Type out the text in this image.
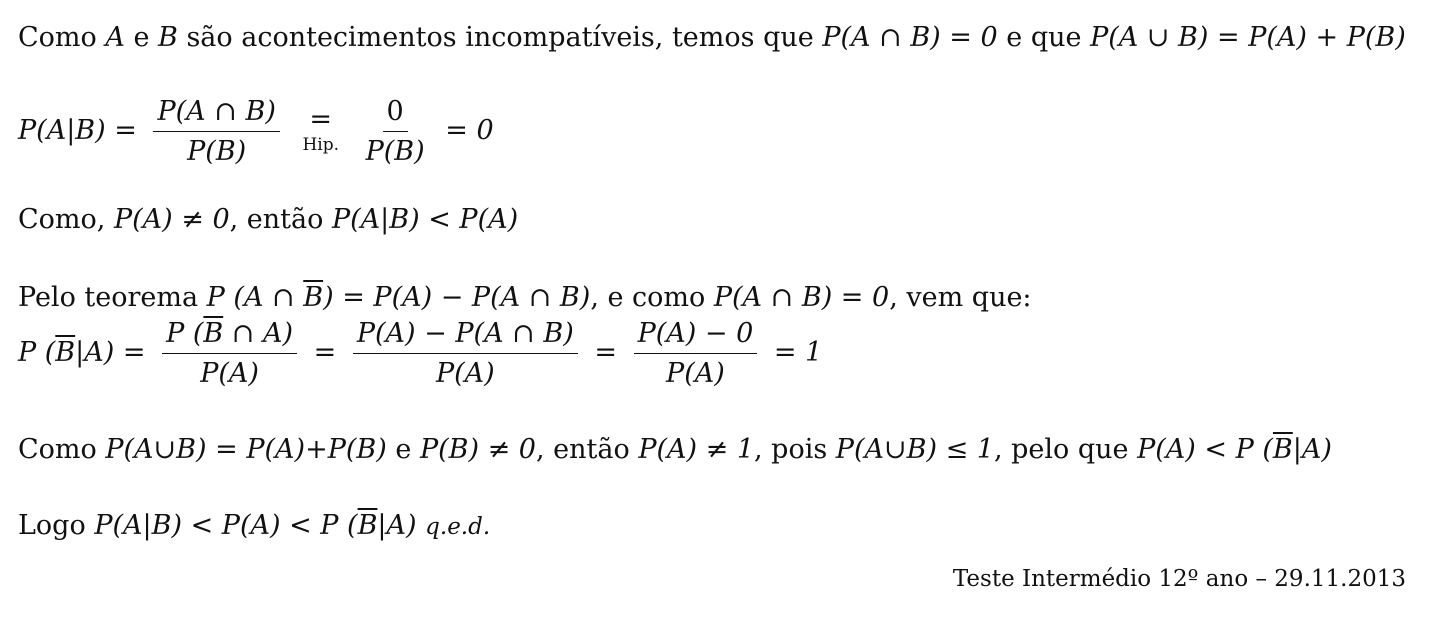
Como A e B são acontecimentos incompatíveis, temos que P(A ∩ B) = 0 e que P(A ∪ B) = P(A) + P(B)
$P(A|B) = \frac{P(A \cap B)}{P(B)}$
=
Hip.
$\frac{0}{P(B)} = 0$
Como, P(A) ≠ 0, então P(A|B) < P(A)
Pelo teorema P (A ∩ $\overline{B}) = P(A) - P(A$ ∩ B), e como P(A ∩ B) = 0, vem que:
P $(\overline{B}|A) = \frac{P (\overline{B} \cap A)}{P(A)} = \frac{P(A) - P(A \cap B)}{P(A)} = \frac{P(A) - 0}{P(A)} = 1$
Como P(A∪B) = P(A)+P(B) e P(B) ≠ 0, então P(A) ≠ 1, pois P(A∪B) ≤ 1, pelo que P(A) < P $(\overline{B}|A)$
Logo P(A|B) < P(A) < P $(\overline{B}|A)$ q.e.d.
Teste Intermédio 12º ano – 29.11.2013
